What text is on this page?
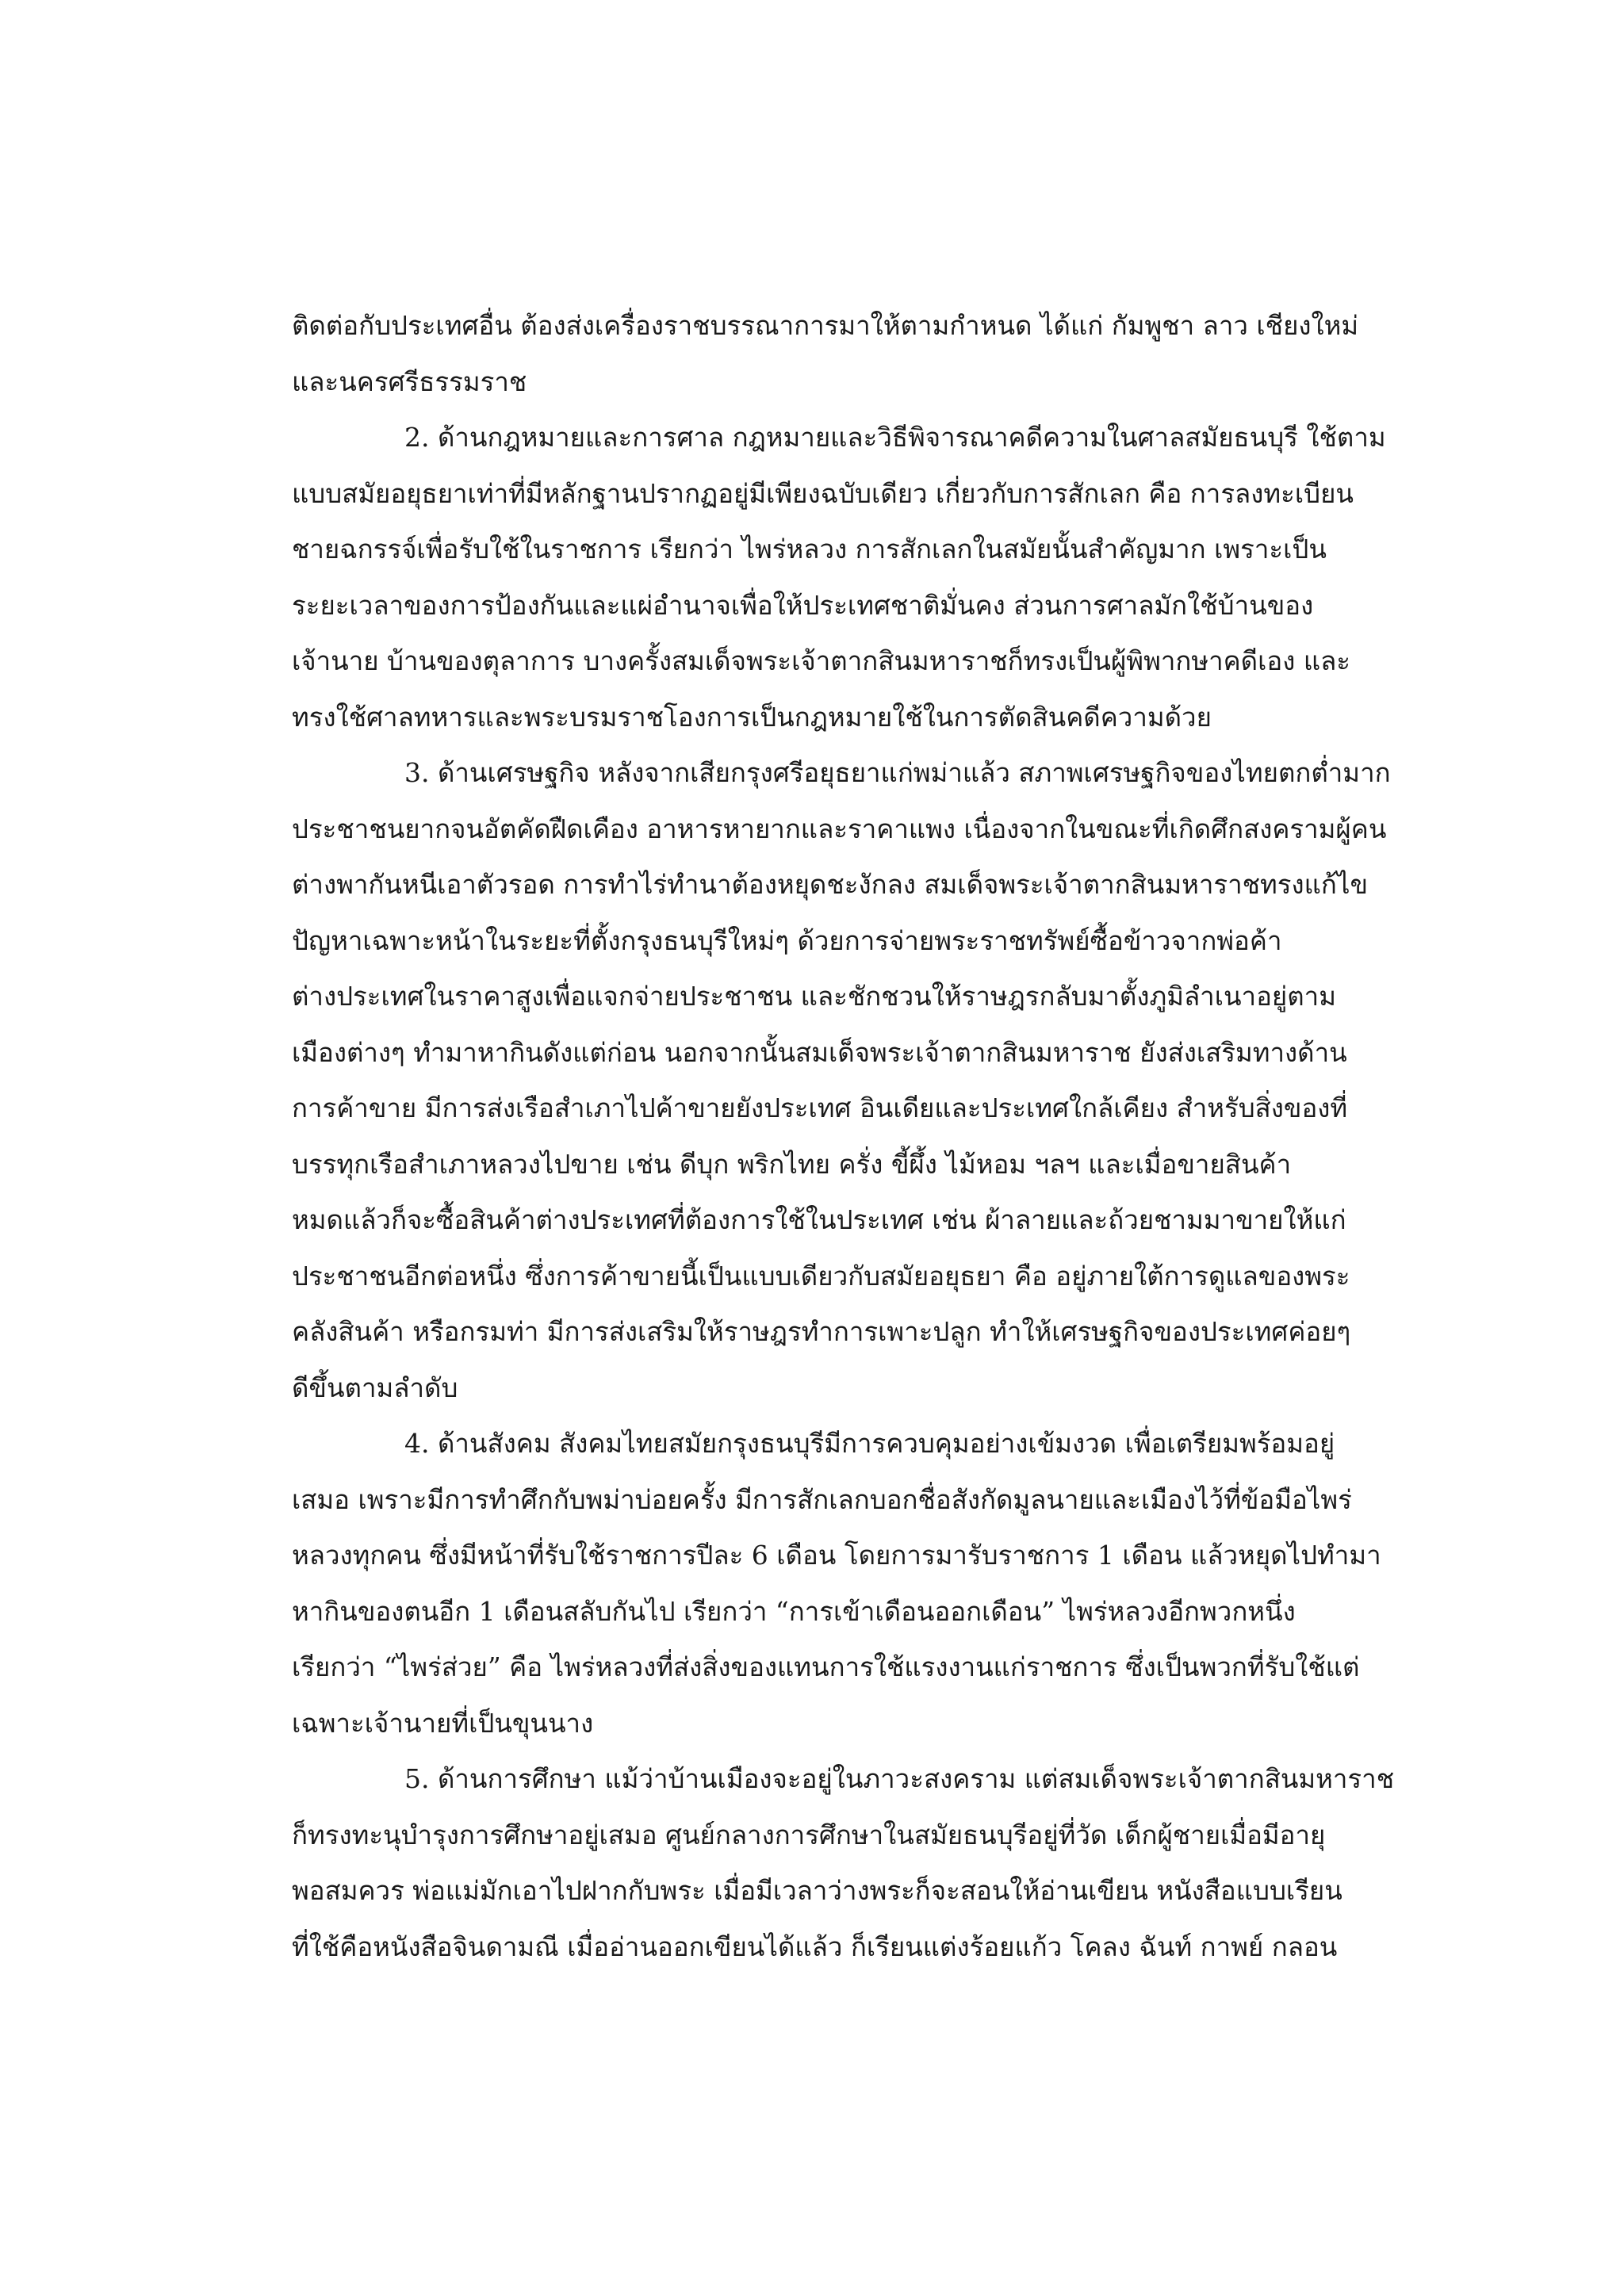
ติดต่อกับประเทศอื่น ต้องส่งเครื่องราชบรรณาการมาให้ตามกำหนด ได้แก่ กัมพูชา ลาว เชียงใหม่
และนครศรีธรรมราช
2. ด้านกฎหมายและการศาล กฎหมายและวิธีพิจารณาคดีความในศาลสมัยธนบุรี ใช้ตาม
แบบสมัยอยุธยาเท่าที่มีหลักฐานปรากฏอยู่มีเพียงฉบับเดียว เกี่ยวกับการสักเลก คือ การลงทะเบียน
ชายฉกรรจ์เพื่อรับใช้ในราชการ เรียกว่า ไพร่หลวง การสักเลกในสมัยนั้นสำคัญมาก เพราะเป็น
ระยะเวลาของการป้องกันและแผ่อำนาจเพื่อให้ประเทศชาติมั่นคง ส่วนการศาลมักใช้บ้านของ
เจ้านาย บ้านของตุลาการ บางครั้งสมเด็จพระเจ้าตากสินมหาราชก็ทรงเป็นผู้พิพากษาคดีเอง และ
ทรงใช้ศาลทหารและพระบรมราชโองการเป็นกฎหมายใช้ในการตัดสินคดีความด้วย
3. ด้านเศรษฐกิจ หลังจากเสียกรุงศรีอยุธยาแก่พม่าแล้ว สภาพเศรษฐกิจของไทยตกต่ำมาก
ประชาชนยากจนอัตคัดฝืดเคือง อาหารหายากและราคาแพง เนื่องจากในขณะที่เกิดศึกสงครามผู้คน
ต่างพากันหนีเอาตัวรอด การทำไร่ทำนาต้องหยุดชะงักลง สมเด็จพระเจ้าตากสินมหาราชทรงแก้ไข
ปัญหาเฉพาะหน้าในระยะที่ตั้งกรุงธนบุรีใหม่ๆ ด้วยการจ่ายพระราชทรัพย์ซื้อข้าวจากพ่อค้า
ต่างประเทศในราคาสูงเพื่อแจกจ่ายประชาชน และชักชวนให้ราษฎรกลับมาตั้งภูมิลำเนาอยู่ตาม
เมืองต่างๆ ทำมาหากินดังแต่ก่อน นอกจากนั้นสมเด็จพระเจ้าตากสินมหาราช ยังส่งเสริมทางด้าน
การค้าขาย มีการส่งเรือสำเภาไปค้าขายยังประเทศ อินเดียและประเทศใกล้เคียง สำหรับสิ่งของที่
บรรทุกเรือสำเภาหลวงไปขาย เช่น ดีบุก พริกไทย ครั่ง ขี้ผึ้ง ไม้หอม ฯลฯ และเมื่อขายสินค้า
หมดแล้วก็จะซื้อสินค้าต่างประเทศที่ต้องการใช้ในประเทศ เช่น ผ้าลายและถ้วยชามมาขายให้แก่
ประชาชนอีกต่อหนึ่ง ซึ่งการค้าขายนี้เป็นแบบเดียวกับสมัยอยุธยา คือ อยู่ภายใต้การดูแลของพระ
คลังสินค้า หรือกรมท่า มีการส่งเสริมให้ราษฎรทำการเพาะปลูก ทำให้เศรษฐกิจของประเทศค่อยๆ
ดีขึ้นตามลำดับ
4. ด้านสังคม สังคมไทยสมัยกรุงธนบุรีมีการควบคุมอย่างเข้มงวด เพื่อเตรียมพร้อมอยู่
เสมอ เพราะมีการทำศึกกับพม่าบ่อยครั้ง มีการสักเลกบอกชื่อสังกัดมูลนายและเมืองไว้ที่ข้อมือไพร่
หลวงทุกคน ซึ่งมีหน้าที่รับใช้ราชการปีละ 6 เดือน โดยการมารับราชการ 1 เดือน แล้วหยุดไปทำมา
หากินของตนอีก 1 เดือนสลับกันไป เรียกว่า “การเข้าเดือนออกเดือน” ไพร่หลวงอีกพวกหนึ่ง
เรียกว่า “ไพร่ส่วย” คือ ไพร่หลวงที่ส่งสิ่งของแทนการใช้แรงงานแก่ราชการ ซึ่งเป็นพวกที่รับใช้แต่
เฉพาะเจ้านายที่เป็นขุนนาง
5. ด้านการศึกษา แม้ว่าบ้านเมืองจะอยู่ในภาวะสงคราม แต่สมเด็จพระเจ้าตากสินมหาราช
ก็ทรงทะนุบำรุงการศึกษาอยู่เสมอ ศูนย์กลางการศึกษาในสมัยธนบุรีอยู่ที่วัด เด็กผู้ชายเมื่อมีอายุ
พอสมควร พ่อแม่มักเอาไปฝากกับพระ เมื่อมีเวลาว่างพระก็จะสอนให้อ่านเขียน หนังสือแบบเรียน
ที่ใช้คือหนังสือจินดามณี เมื่ออ่านออกเขียนได้แล้ว ก็เรียนแต่งร้อยแก้ว โคลง ฉันท์ กาพย์ กลอน
